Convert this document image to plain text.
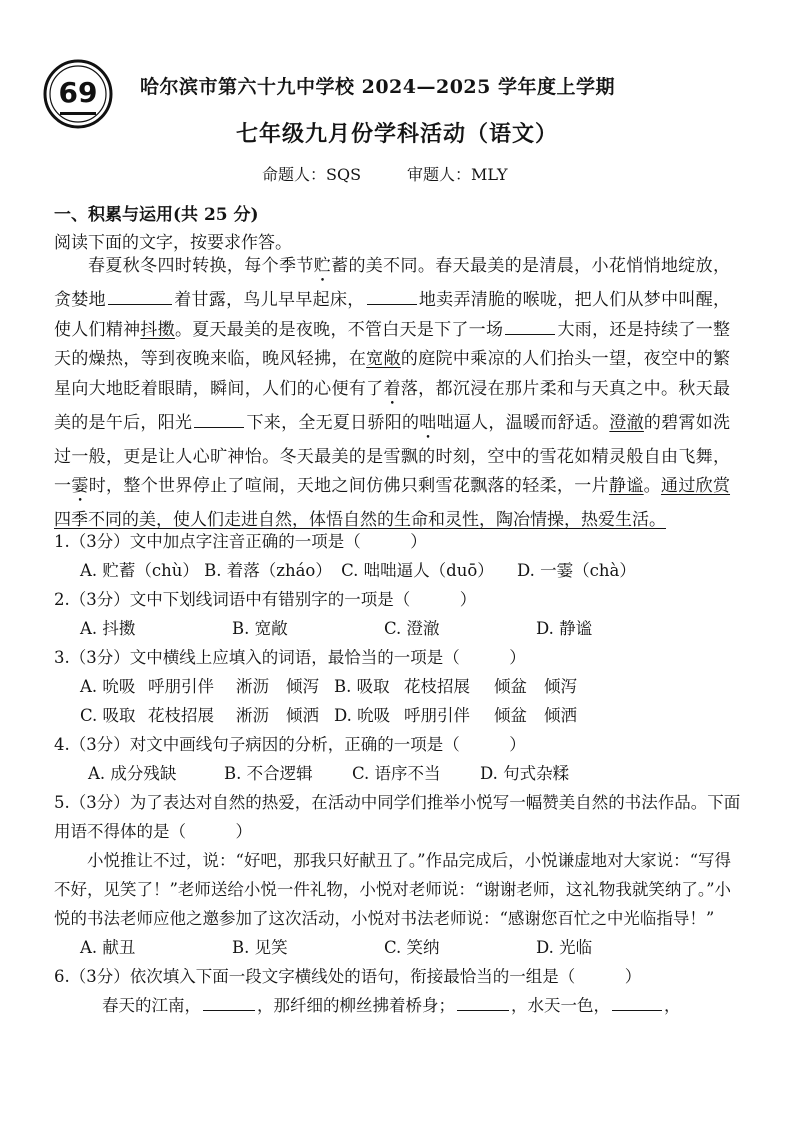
69 哈尔滨市第六十九中学校 2024—2025 学年度上学期
七年级九月份学科活动（语文）
命题人：SQS	审题人：MLY
一、积累与运用(共 25 分)
阅读下面的文字，按要求作答。

春夏秋冬四时转换，每个季节贮蓄的美不同。春天最美的是清晨，小花悄悄地绽放，贪婪地	着甘露，鸟儿早早起床，	地卖弄清脆的喉咙，把人们从梦中叫醒，使人们精神抖擞。夏天最美的是夜晚，不管白天是下了一场	大雨，还是持续了一整天的燥热，等到夜晚来临，晚风轻拂，在宽敞的庭院中乘凉的人们抬头一望，夜空中的繁星向大地眨着眼睛，瞬间，人们的心便有了着落，都沉浸在那片柔和与天真之中。秋天最美的是午后，阳光	下来，全无夏日骄阳的咄咄逼人，温暖而舒适。澄澈的碧霄如洗过一般，更是让人心旷神怡。冬天最美的是雪飘的时刻，空中的雪花如精灵般自由飞舞，一霎时，整个世界停止了喧闹，天地之间仿佛只剩雪花飘落的轻柔，一片静谧。通过欣赏四季不同的美，使人们走进自然，体悟自然的生命和灵性，陶冶情操，热爱生活。

1.（3分）文中加点字注音正确的一项是（　　　）
A. 贮蓄（chù） B. 着落（zháo） C. 咄咄逼人（duō） D. 一霎（chà）
2.（3分）文中下划线词语中有错别字的一项是（　　　）
A. 抖擞	B. 宽敞	C. 澄澈	D. 静谧
3.（3分）文中横线上应填入的词语，最恰当的一项是（　　　）
A. 吮吸 呼朋引伴 淅沥 倾泻 B. 吸取 花枝招展 倾盆 倾泻
C. 吸取 花枝招展 淅沥 倾洒 D. 吮吸 呼朋引伴 倾盆 倾洒
4.（3分）对文中画线句子病因的分析，正确的一项是（　　　）
A. 成分残缺	B. 不合逻辑 C. 语序不当 D. 句式杂糅
5.（3分）为了表达对自然的热爱，在活动中同学们推举小悦写一幅赞美自然的书法作品。下面用语不得体的是（　　　）

小悦推让不过，说：“好吧，那我只好献丑了。”作品完成后，小悦谦虚地对大家说：“写得不好，见笑了！”老师送给小悦一件礼物，小悦对老师说：“谢谢老师，这礼物我就笑纳了。”小悦的书法老师应他之邀参加了这次活动，小悦对书法老师说：“感谢您百忙之中光临指导！”

A. 献丑	B. 见笑	C. 笑纳	D. 光临
6.（3分）依次填入下面一段文字横线处的语句，衔接最恰当的一组是（　　　）
春天的江南，	，那纤细的柳丝拂着桥身；	，水天一色，	，
